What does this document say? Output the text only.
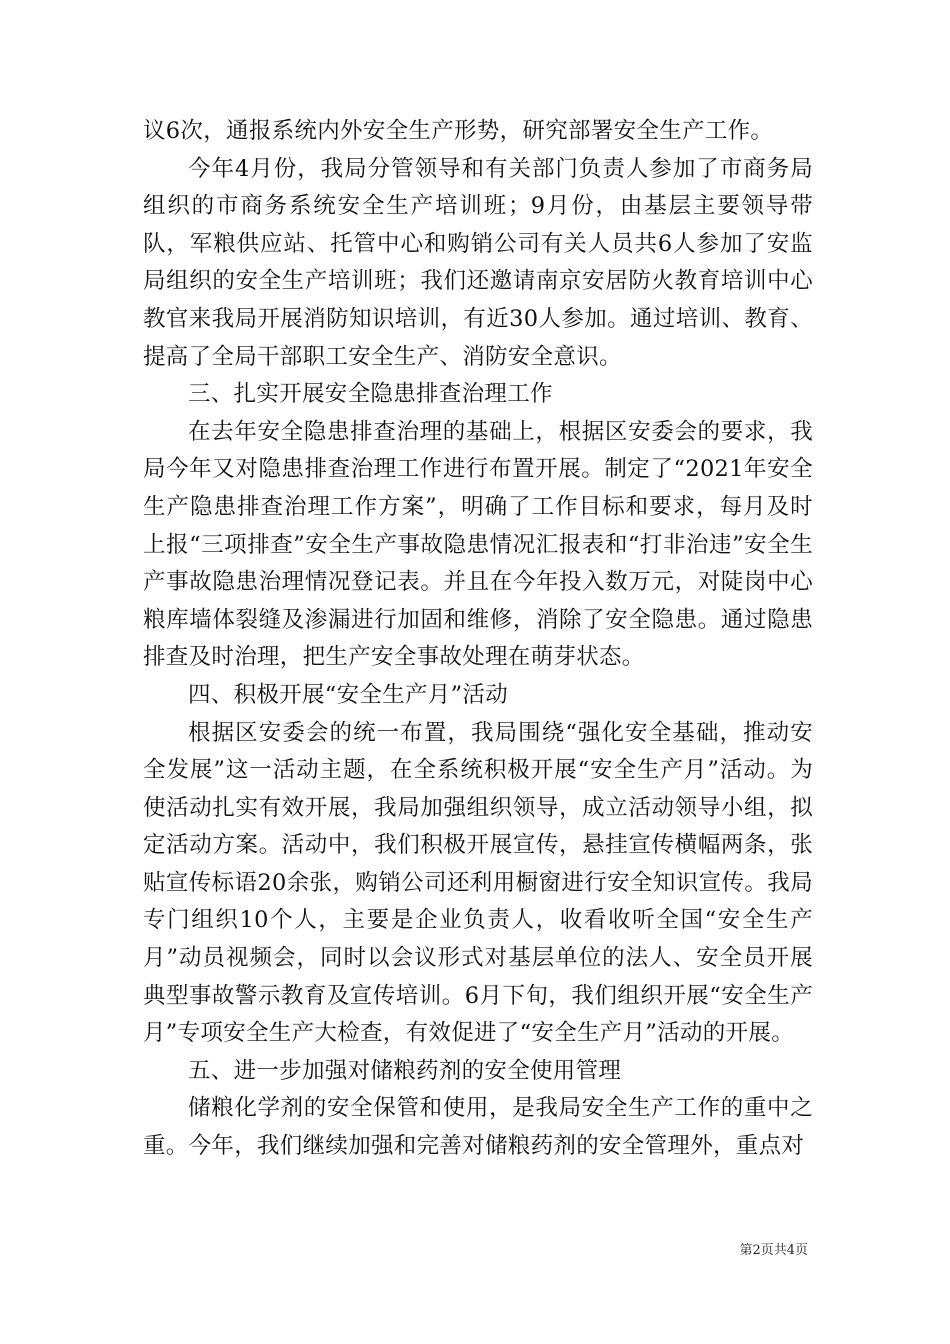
议6次，通报系统内外安全生产形势，研究部署安全生产工作。

今年4月份，我局分管领导和有关部门负责人参加了市商务局组织的市商务系统安全生产培训班；9月份，由基层主要领导带队，军粮供应站、托管中心和购销公司有关人员共6人参加了安监局组织的安全生产培训班；我们还邀请南京安居防火教育培训中心教官来我局开展消防知识培训，有近30人参加。通过培训、教育、提高了全局干部职工安全生产、消防安全意识。

三、扎实开展安全隐患排查治理工作

在去年安全隐患排查治理的基础上，根据区安委会的要求，我局今年又对隐患排查治理工作进行布置开展。制定了“2021年安全生产隐患排查治理工作方案”，明确了工作目标和要求，每月及时上报“三项排查”安全生产事故隐患情况汇报表和“打非治违”安全生产事故隐患治理情况登记表。并且在今年投入数万元，对陡岗中心粮库墙体裂缝及渗漏进行加固和维修，消除了安全隐患。通过隐患排查及时治理，把生产安全事故处理在萌芽状态。

四、积极开展“安全生产月”活动

根据区安委会的统一布置，我局围绕“强化安全基础，推动安全发展”这一活动主题，在全系统积极开展“安全生产月”活动。为使活动扎实有效开展，我局加强组织领导，成立活动领导小组，拟定活动方案。活动中，我们积极开展宣传，悬挂宣传横幅两条，张贴宣传标语20余张，购销公司还利用橱窗进行安全知识宣传。我局专门组织10个人，主要是企业负责人，收看收听全国“安全生产月”动员视频会，同时以会议形式对基层单位的法人、安全员开展典型事故警示教育及宣传培训。6月下旬，我们组织开展“安全生产月”专项安全生产大检查，有效促进了“安全生产月”活动的开展。

五、进一步加强对储粮药剂的安全使用管理

储粮化学剂的安全保管和使用，是我局安全生产工作的重中之重。今年，我们继续加强和完善对储粮药剂的安全管理外，重点对

第2页共4页
